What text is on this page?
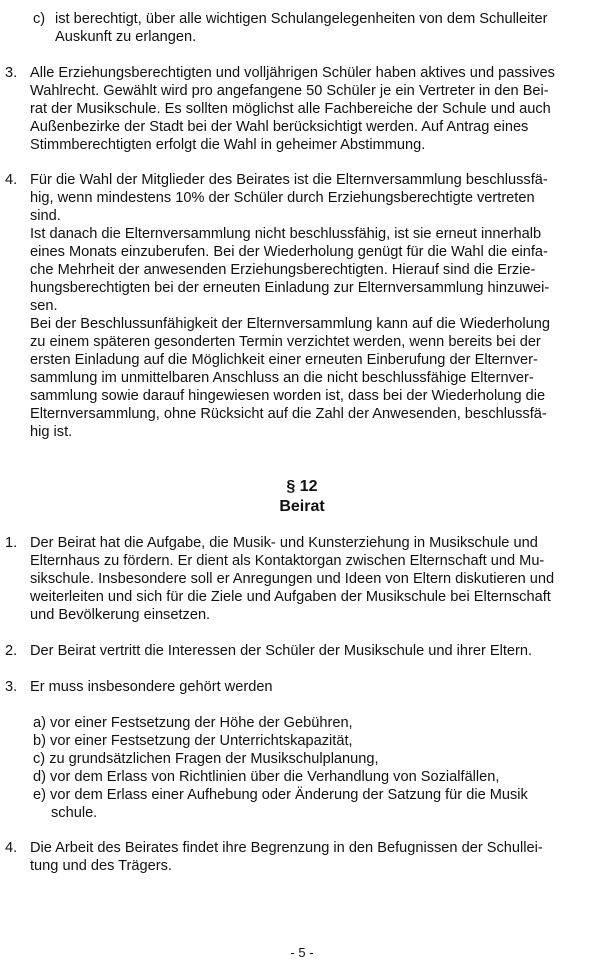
c) ist berechtigt, über alle wichtigen Schulangelegenheiten von dem Schulleiter
Auskunft zu erlangen.
3. Alle Erziehungsberechtigten und volljährigen Schüler haben aktives und passives
Wahlrecht. Gewählt wird pro angefangene 50 Schüler je ein Vertreter in den Bei-
rat der Musikschule. Es sollten möglichst alle Fachbereiche der Schule und auch
Außenbezirke der Stadt bei der Wahl berücksichtigt werden. Auf Antrag eines
Stimmberechtigten erfolgt die Wahl in geheimer Abstimmung.
4. Für die Wahl der Mitglieder des Beirates ist die Elternversammlung beschlussfä-
hig, wenn mindestens 10% der Schüler durch Erziehungsberechtigte vertreten
sind.
Ist danach die Elternversammlung nicht beschlussfähig, ist sie erneut innerhalb
eines Monats einzuberufen. Bei der Wiederholung genügt für die Wahl die einfa-
che Mehrheit der anwesenden Erziehungsberechtigten. Hierauf sind die Erzie-
hungsberechtigten bei der erneuten Einladung zur Elternversammlung hinzuwei-
sen.
Bei der Beschlussunfähigkeit der Elternversammlung kann auf die Wiederholung
zu einem späteren gesonderten Termin verzichtet werden, wenn bereits bei der
ersten Einladung auf die Möglichkeit einer erneuten Einberufung der Elternver-
sammlung im unmittelbaren Anschluss an die nicht beschlussfähige Elternver-
sammlung sowie darauf hingewiesen worden ist, dass bei der Wiederholung die
Elternversammlung, ohne Rücksicht auf die Zahl der Anwesenden, beschlussfä-
hig ist.
§ 12
Beirat
1. Der Beirat hat die Aufgabe, die Musik- und Kunsterziehung in Musikschule und
Elternhaus zu fördern. Er dient als Kontaktorgan zwischen Elternschaft und Mu-
sikschule. Insbesondere soll er Anregungen und Ideen von Eltern diskutieren und
weiterleiten und sich für die Ziele und Aufgaben der Musikschule bei Elternschaft
und Bevölkerung einsetzen.
2. Der Beirat vertritt die Interessen der Schüler der Musikschule und ihrer Eltern.
3. Er muss insbesondere gehört werden
a) vor einer Festsetzung der Höhe der Gebühren,
b) vor einer Festsetzung der Unterrichtskapazität,
c) zu grundsätzlichen Fragen der Musikschulplanung,
d) vor dem Erlass von Richtlinien über die Verhandlung von Sozialfällen,
e) vor dem Erlass einer Aufhebung oder Änderung der Satzung für die Musik
schule.
4. Die Arbeit des Beirates findet ihre Begrenzung in den Befugnissen der Schullei-
tung und des Trägers.
- 5 -
